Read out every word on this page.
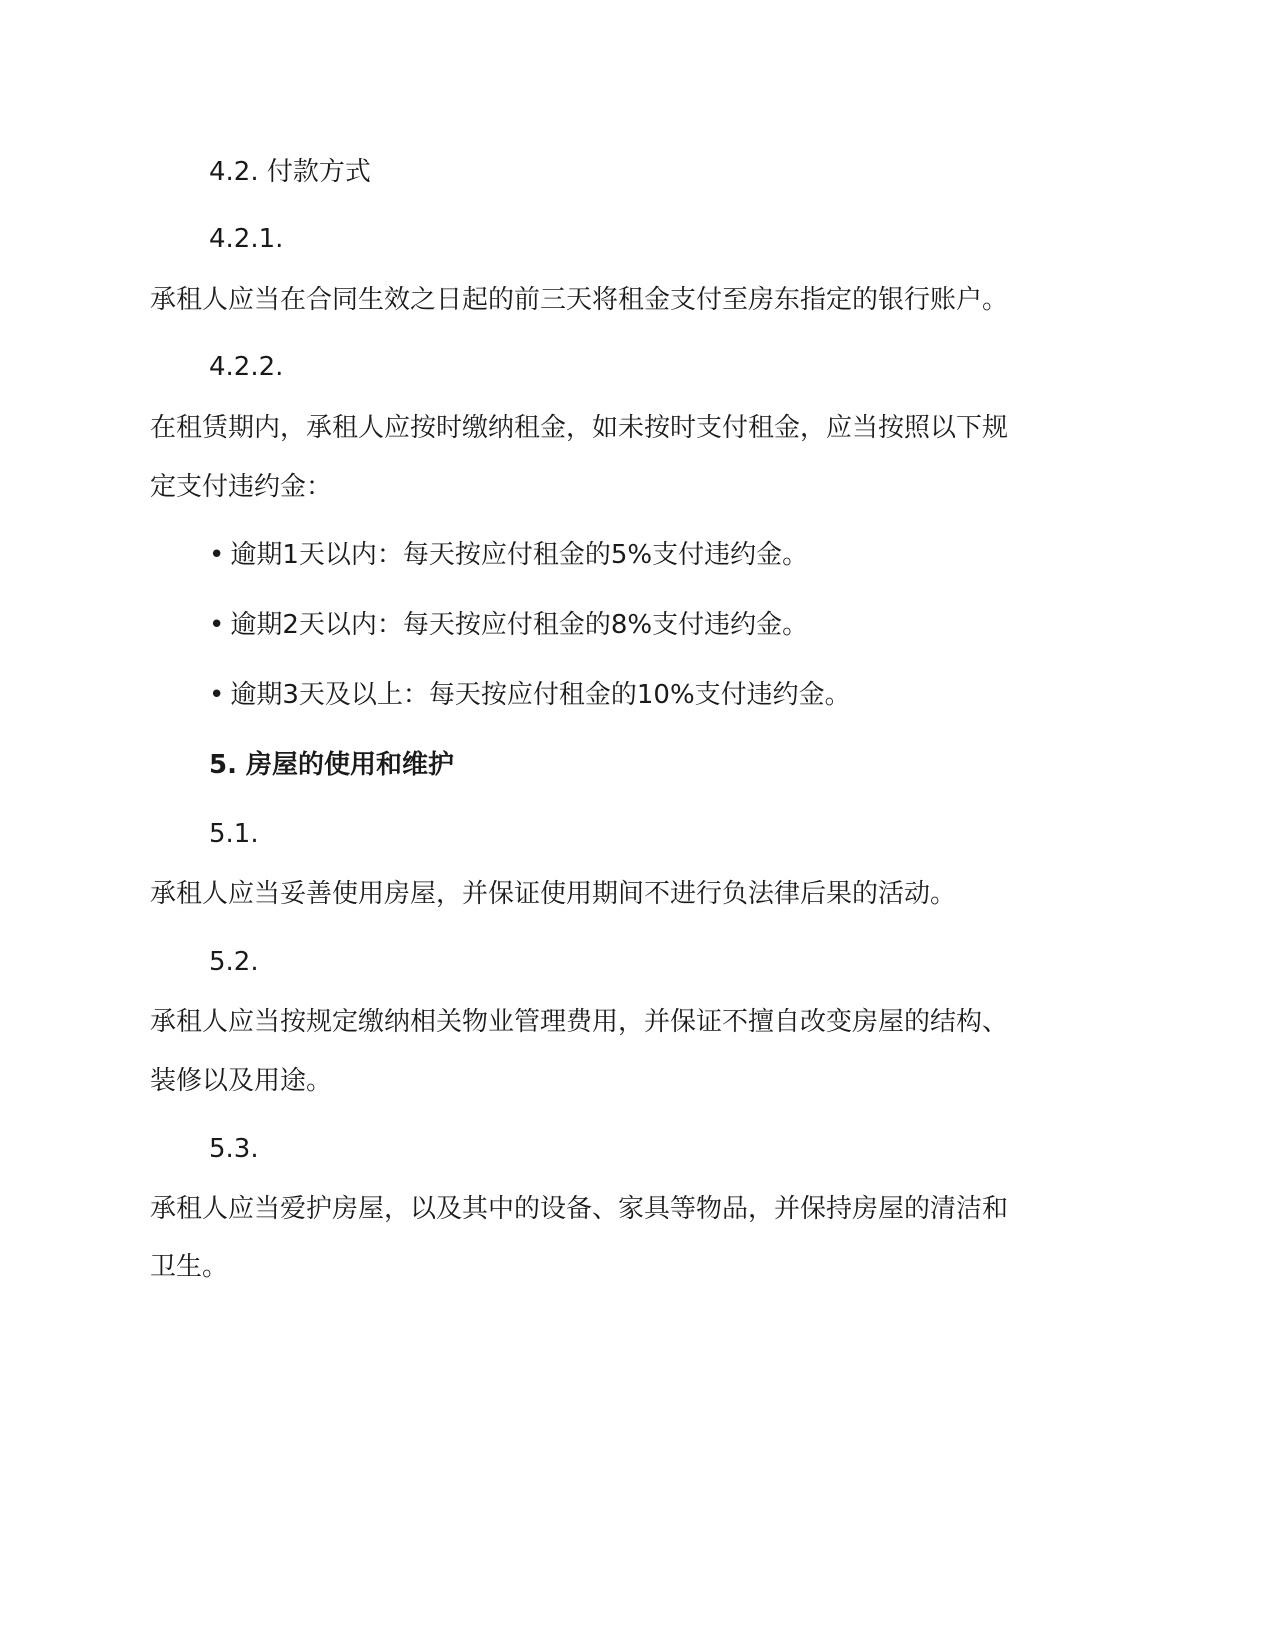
4.2. 付款方式
4.2.1.
承租人应当在合同生效之日起的前三天将租金支付至房东指定的银行账户。
4.2.2.
在租赁期内，承租人应按时缴纳租金，如未按时支付租金，应当按照以下规
定支付违约金：
• 逾期1天以内：每天按应付租金的5%支付违约金。
• 逾期2天以内：每天按应付租金的8%支付违约金。
• 逾期3天及以上：每天按应付租金的10%支付违约金。
5. 房屋的使用和维护
5.1.
承租人应当妥善使用房屋，并保证使用期间不进行负法律后果的活动。
5.2.
承租人应当按规定缴纳相关物业管理费用，并保证不擅自改变房屋的结构、
装修以及用途。
5.3.
承租人应当爱护房屋，以及其中的设备、家具等物品，并保持房屋的清洁和
卫生。
